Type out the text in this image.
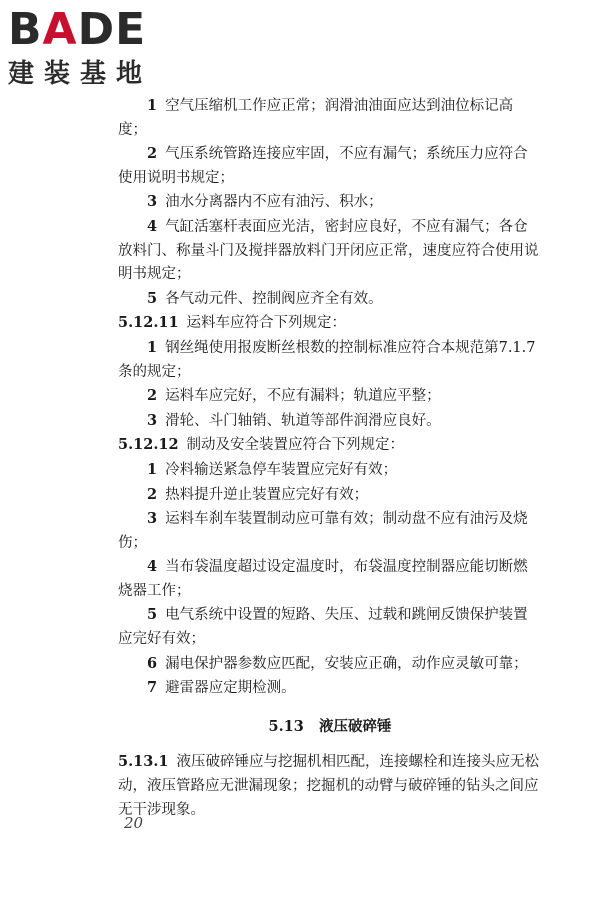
BADE
建装基地

1 空气压缩机工作应正常；润滑油油面应达到油位标记高度；

2 气压系统管路连接应牢固，不应有漏气；系统压力应符合使用说明书规定；

3 油水分离器内不应有油污、积水；

4 气缸活塞杆表面应光洁，密封应良好，不应有漏气；各仓放料门、称量斗门及搅拌器放料门开闭应正常，速度应符合使用说明书规定；

5 各气动元件、控制阀应齐全有效。

5.12.11 运料车应符合下列规定：

1 钢丝绳使用报废断丝根数的控制标准应符合本规范第7.1.7条的规定；

2 运料车应完好，不应有漏料；轨道应平整；

3 滑轮、斗门轴销、轨道等部件润滑应良好。

5.12.12 制动及安全装置应符合下列规定：

1 冷料输送紧急停车装置应完好有效；

2 热料提升逆止装置应完好有效；

3 运料车刹车装置制动应可靠有效；制动盘不应有油污及烧伤；

4 当布袋温度超过设定温度时，布袋温度控制器应能切断燃烧器工作；

5 电气系统中设置的短路、失压、过载和跳闸反馈保护装置应完好有效；

6 漏电保护器参数应匹配，安装应正确，动作应灵敏可靠；

7 避雷器应定期检测。

5.13 液压破碎锤

5.13.1 液压破碎锤应与挖掘机相匹配，连接螺栓和连接头应无松动，液压管路应无泄漏现象；挖掘机的动臂与破碎锤的钻头之间应无干涉现象。

20
